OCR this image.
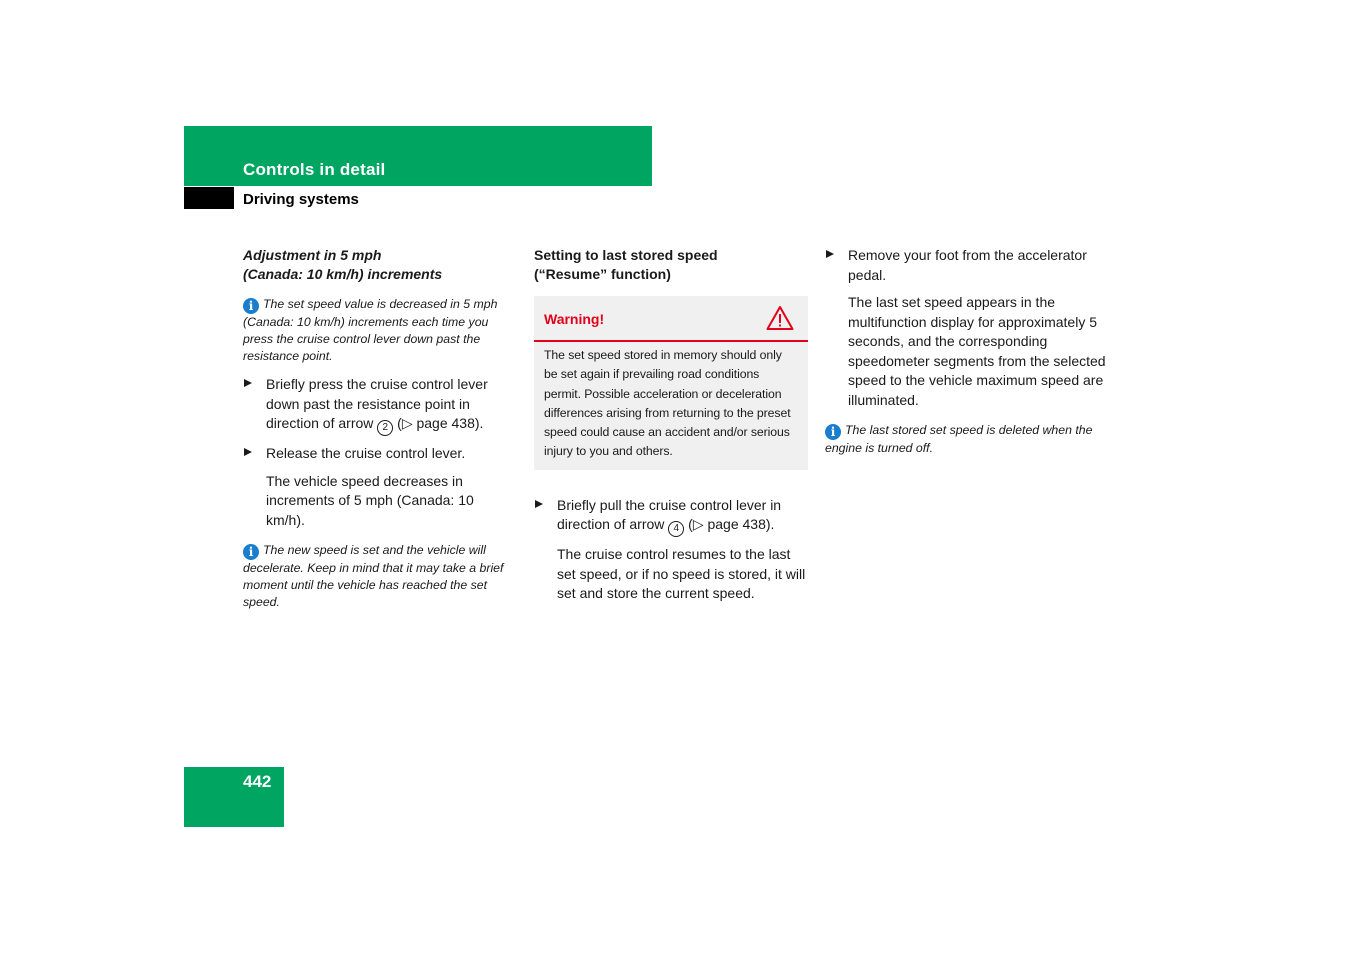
Controls in detail
Driving systems
Adjustment in 5 mph
(Canada: 10 km/h) increments
i The set speed value is decreased in 5 mph (Canada: 10 km/h) increments each time you press the cruise control lever down past the resistance point.
Briefly press the cruise control lever down past the resistance point in direction of arrow 2 (▷ page 438).
Release the cruise control lever.
The vehicle speed decreases in increments of 5 mph (Canada: 10 km/h).
i The new speed is set and the vehicle will decelerate. Keep in mind that it may take a brief moment until the vehicle has reached the set speed.
Setting to last stored speed
(“Resume” function)
Warning!
The set speed stored in memory should only be set again if prevailing road conditions permit. Possible acceleration or deceleration differences arising from returning to the preset speed could cause an accident and/or serious injury to you and others.
Briefly pull the cruise control lever in direction of arrow 4 (▷ page 438).
The cruise control resumes to the last set speed, or if no speed is stored, it will set and store the current speed.
Remove your foot from the accelerator pedal.
The last set speed appears in the multifunction display for approximately 5 seconds, and the corresponding speedometer segments from the selected speed to the vehicle maximum speed are illuminated.
i The last stored set speed is deleted when the engine is turned off.
442
